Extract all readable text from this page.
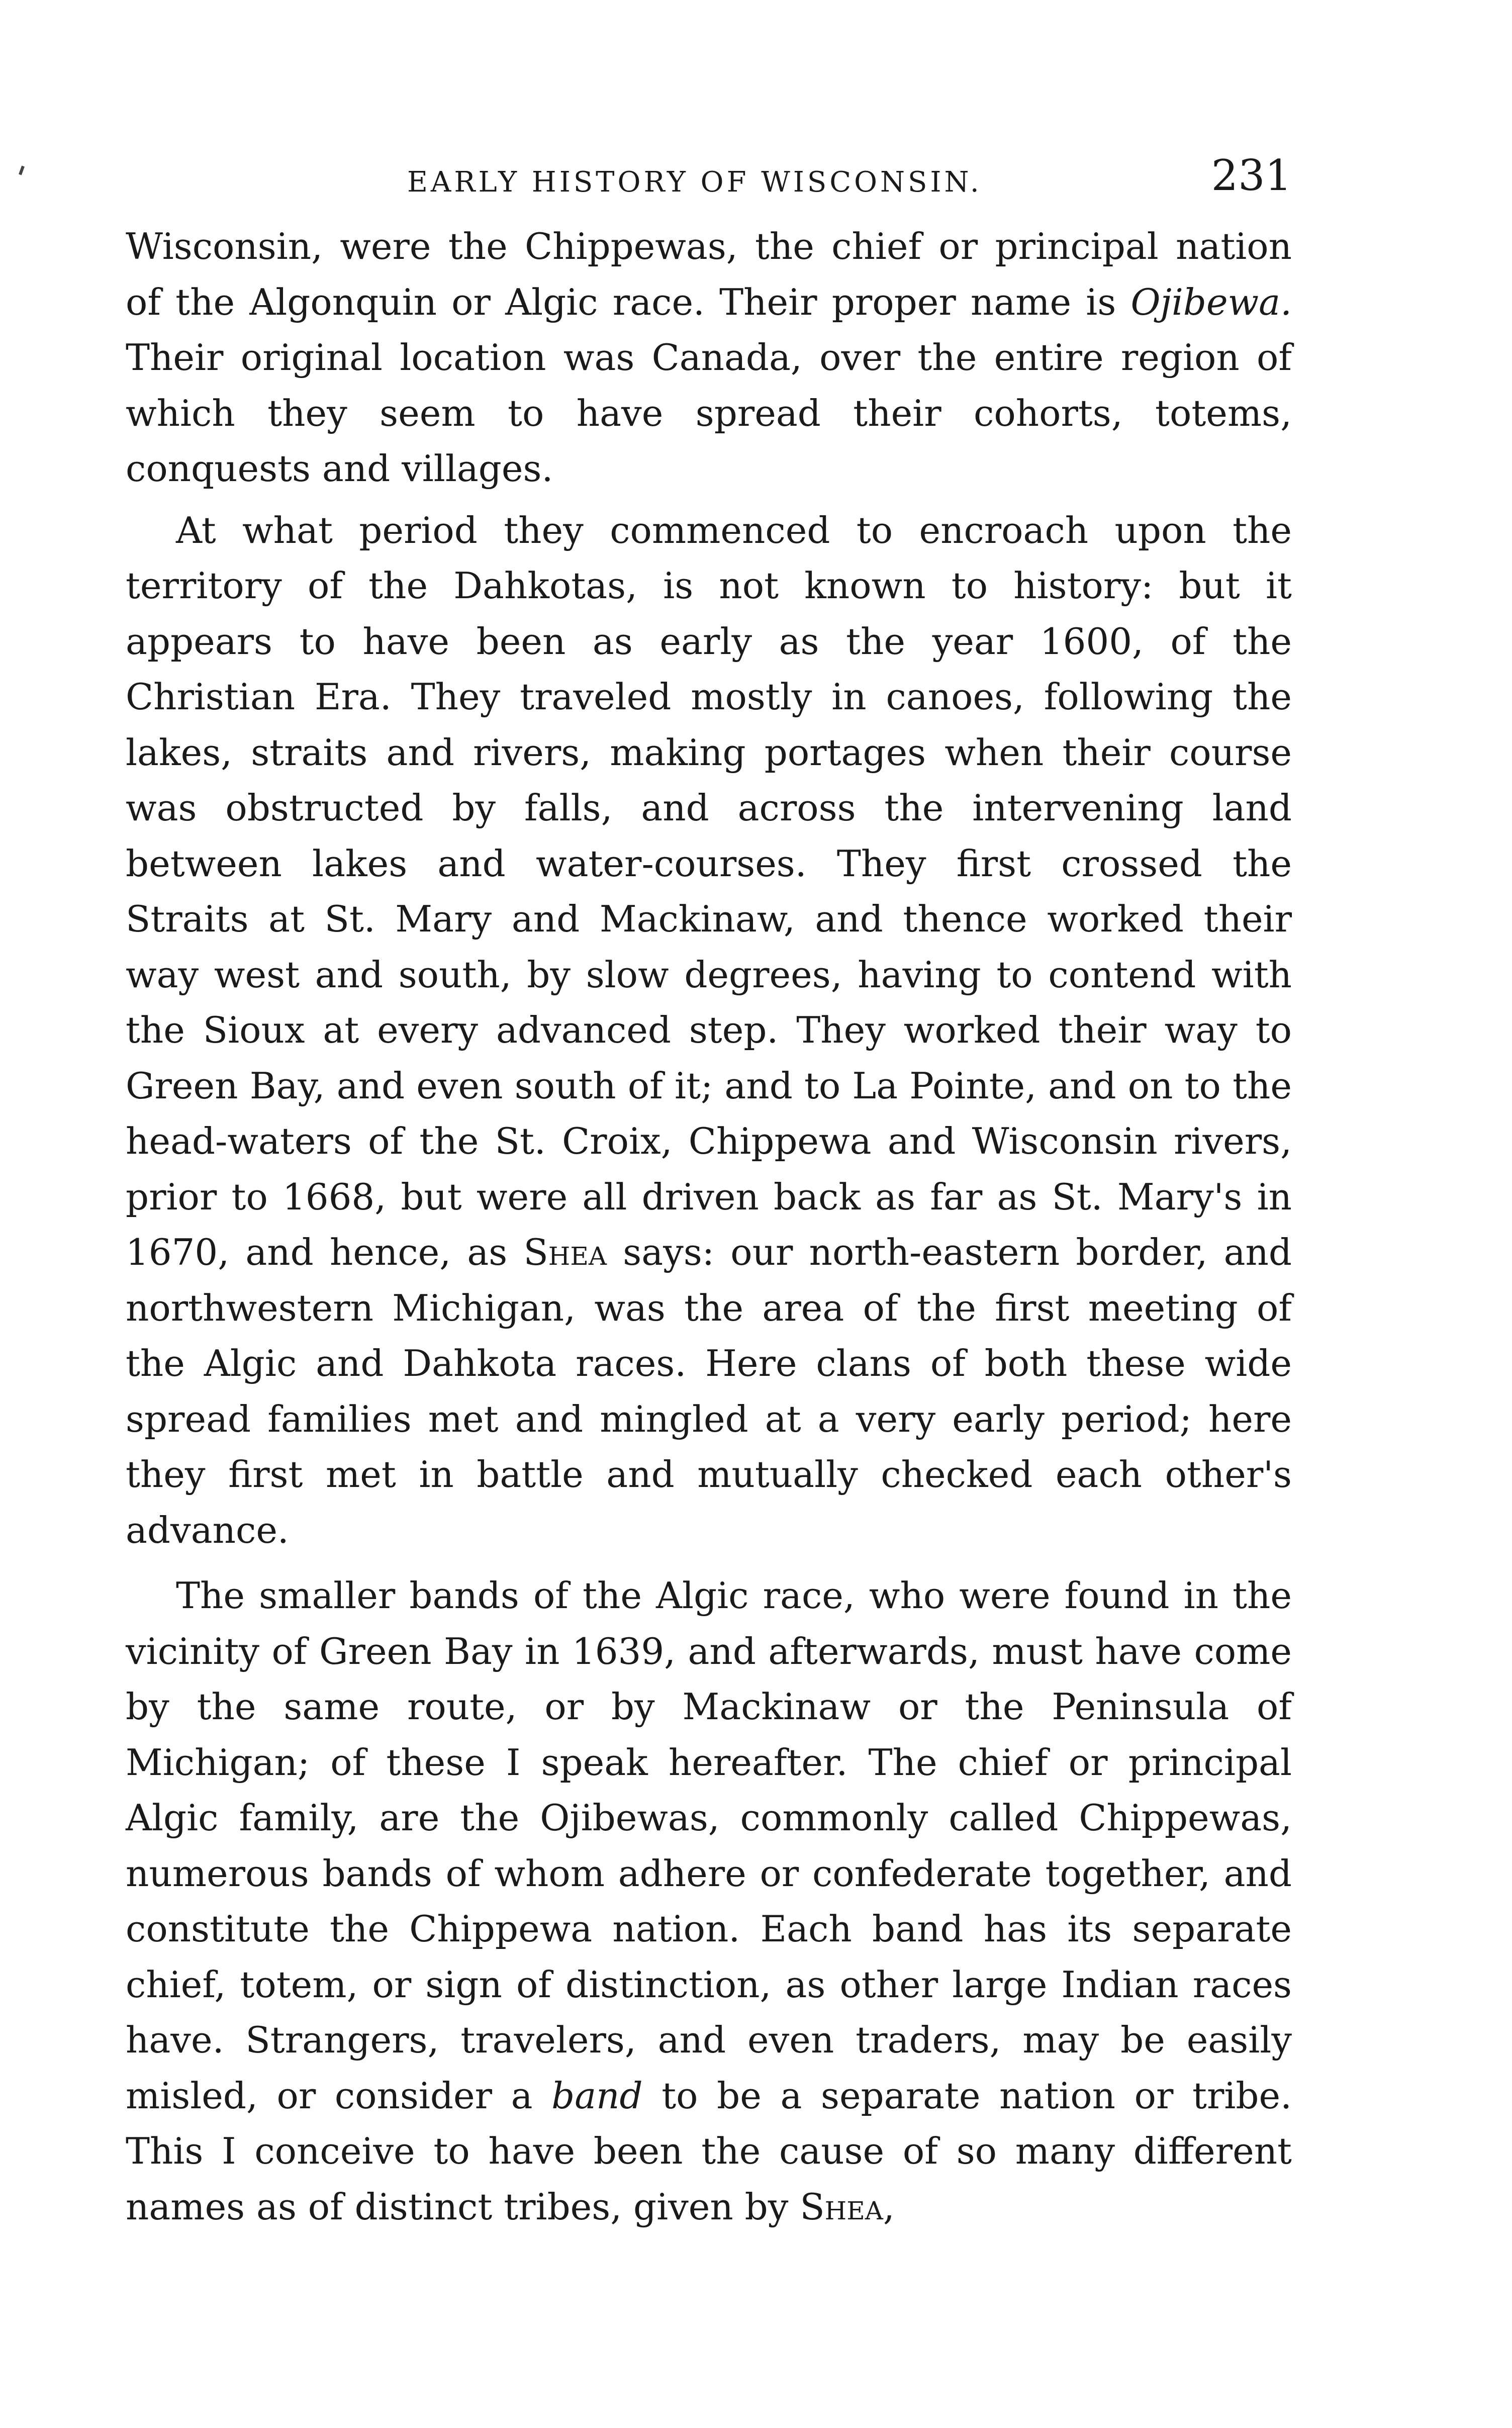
EARLY HISTORY OF WISCONSIN.	231

Wisconsin, were the Chippewas, the chief or principal nation of the Algonquin or Algic race. Their proper name is Ojibewa. Their original location was Canada, over the entire region of which they seem to have spread their cohorts, totems, conquests and villages.

At what period they commenced to encroach upon the territory of the Dahkotas, is not known to history: but it appears to have been as early as the year 1600, of the Christian Era. They traveled mostly in canoes, following the lakes, straits and rivers, making portages when their course was obstructed by falls, and across the intervening land between lakes and water-courses. They first crossed the Straits at St. Mary and Mackinaw, and thence worked their way west and south, by slow degrees, having to contend with the Sioux at every advanced step. They worked their way to Green Bay, and even south of it; and to La Pointe, and on to the head-waters of the St. Croix, Chippewa and Wisconsin rivers, prior to 1668, but were all driven back as far as St. Mary's in 1670, and hence, as Shea says: our north-eastern border, and northwestern Michigan, was the area of the first meeting of the Algic and Dahkota races. Here clans of both these wide spread families met and mingled at a very early period; here they first met in battle and mutually checked each other's advance.

The smaller bands of the Algic race, who were found in the vicinity of Green Bay in 1639, and afterwards, must have come by the same route, or by Mackinaw or the Peninsula of Michigan; of these I speak hereafter. The chief or principal Algic family, are the Ojibewas, commonly called Chippewas, numerous bands of whom adhere or confederate together, and constitute the Chippewa nation. Each band has its separate chief, totem, or sign of distinction, as other large Indian races have. Strangers, travelers, and even traders, may be easily misled, or consider a band to be a separate nation or tribe. This I conceive to have been the cause of so many different names as of distinct tribes, given by Shea,
